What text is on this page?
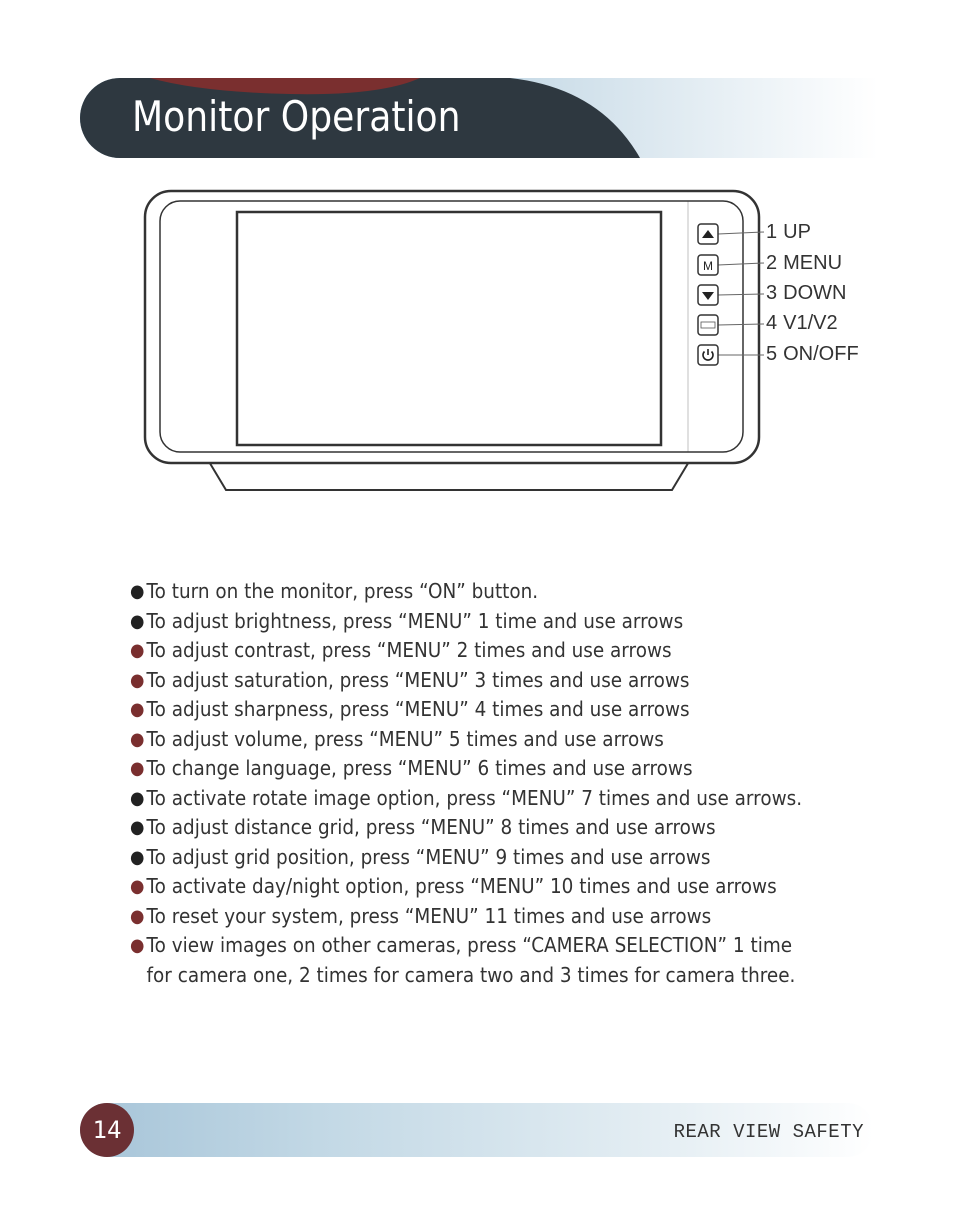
Monitor Operation
M
1 UP
2 MENU
3 DOWN
4 V1/V2
5 ON/OFF
● To turn on the monitor, press “ON” button.
● To adjust brightness, press “MENU” 1 time and use arrows
● To adjust contrast, press “MENU” 2 times and use arrows
● To adjust saturation, press “MENU” 3 times and use arrows
● To adjust sharpness, press “MENU” 4 times and use arrows
● To adjust volume, press “MENU” 5 times and use arrows
● To change language, press “MENU” 6 times and use arrows
● To activate rotate image option, press “MENU” 7 times and use arrows.
● To adjust distance grid, press “MENU” 8 times and use arrows
● To adjust grid position, press “MENU” 9 times and use arrows
● To activate day/night option, press “MENU” 10 times and use arrows
● To reset your system, press “MENU” 11 times and use arrows
● To view images on other cameras, press “CAMERA SELECTION” 1 time for camera one, 2 times for camera two and 3 times for camera three.
14	REAR VIEW SAFETY
